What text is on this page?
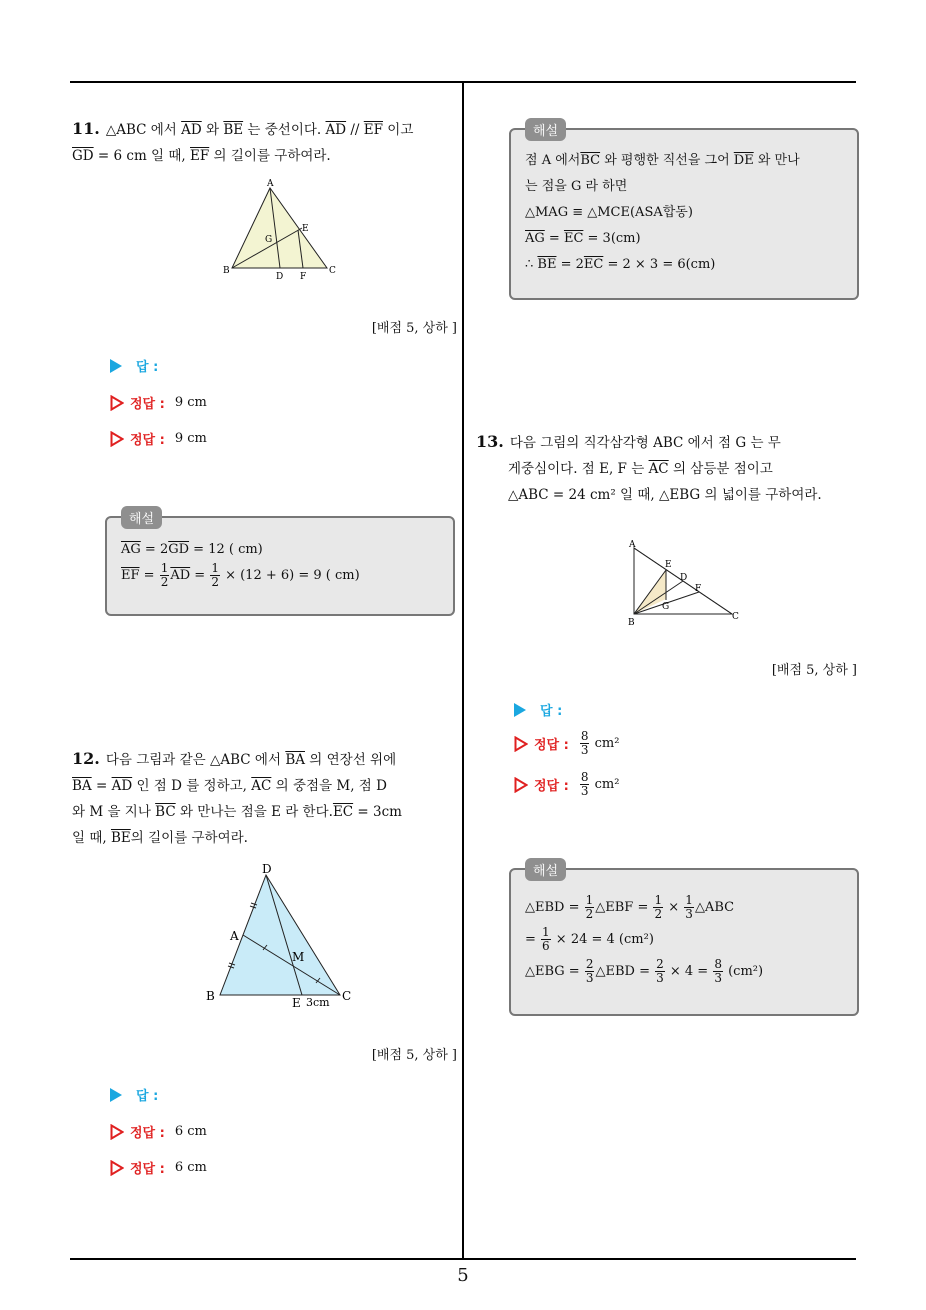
11. △ABC 에서 $\overline{AD}$ 와 $\overline{BE}$ 는 중선이다. $\overline{AD} // \overline{EF}$ 이고
$\overline{GD} = 6$ cm 일 때, $\overline{EF}$ 의 길이를 구하여라.
A
B	C
D
E
F
G
[배점 5, 상하 ]
답 :
정답 : 9 cm
정답 : 9 cm
해설
$\overline{AG} = 2\overline{GD} = 12$ ( cm)
$\overline{EF} = \frac{1}{2} \overline{AD} = \frac{1}{2} \times (12 + 6) = 9$ ( cm)
12. 다음 그림과 같은 △ABC 에서 $\overline{BA}$ 의 연장선 위에
$\overline{BA} = \overline{AD}$ 인 점 D 를 정하고, $\overline{AC}$ 의 중점을 M, 점 D
와 M 을 지나 $\overline{BC}$ 와 만나는 점을 E 라 한다$.\overline{EC} = 3cm$
일 때, $\overline{BE}$의 길이를 구하여라.
D
A
B	C
E
M
3cm
[배점 5, 상하 ]
답 :
정답 : 6 cm
정답 : 6 cm
해설
점 A 에서$\overline{BC}$ 와 평행한 직선을 그어 $\overline{DE}$ 와 만나
는 점을 G 라 하면
△MAG ≡ △MCE(ASA합동)
$\overline{AG} = \overline{EC} = 3(cm)$
∴ $\overline{BE} = 2\overline{EC} = 2 \times 3 = 6(cm)$
13. 다음 그림의 직각삼각형 ABC 에서 점 G 는 무
게중심이다. 점 E, F 는 $\overline{AC}$ 의 삼등분 점이고
△ABC = 24 cm² 일 때, △EBG 의 넓이를 구하여라.
A
B
C
D
E
F
G
[배점 5, 상하 ]
답 :
정답 : $\frac{8}{3} cm^2$
정답 : $\frac{8}{3} cm^2$
해설
△EBD = $\frac{1}{2}$ △EBF = $\frac{1}{2} \times \frac{1}{3}$ △ABC
= $\frac{1}{6} \times 24 = 4$ (cm²)
△EBG = $\frac{2}{3}$ △EBD = $\frac{2}{3} \times 4 = \frac{8}{3} (cm^2)$
5
